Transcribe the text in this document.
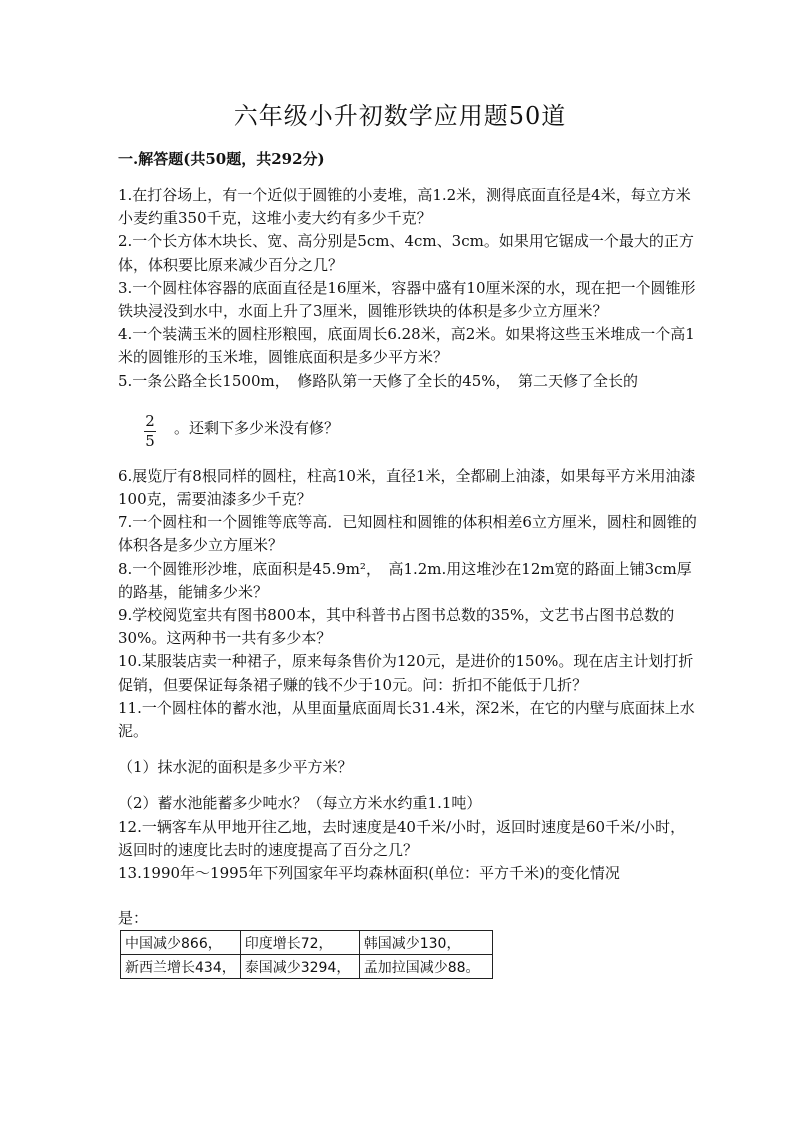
六年级小升初数学应用题50道
一.解答题(共50题，共292分)

1.在打谷场上，有一个近似于圆锥的小麦堆，高1.2米，测得底面直径是4米，每立方米小麦约重350千克，这堆小麦大约有多少千克？

2.一个长方体木块长、宽、高分别是5cm、4cm、3cm。如果用它锯成一个最大的正方体，体积要比原来减少百分之几？

3.一个圆柱体容器的底面直径是16厘米，容器中盛有10厘米深的水，现在把一个圆锥形铁块浸没到水中，水面上升了3厘米，圆锥形铁块的体积是多少立方厘米？

4.一个装满玉米的圆柱形粮囤，底面周长6.28米，高2米。如果将这些玉米堆成一个高1米的圆锥形的玉米堆，圆锥底面积是多少平方米？

5.一条公路全长1500m，　修路队第一天修了全长的45%，　第二天修了全长的

2
5
。还剩下多少米没有修？

6.展览厅有8根同样的圆柱，柱高10米，直径1米，全都刷上油漆，如果每平方米用油漆100克，需要油漆多少千克？

7.一个圆柱和一个圆锥等底等高．已知圆柱和圆锥的体积相差6立方厘米，圆柱和圆锥的体积各是多少立方厘米？

8.一个圆锥形沙堆，底面积是45.9m²，　高1.2m.用这堆沙在12m宽的路面上铺3cm厚的路基，能铺多少米？

9.学校阅览室共有图书800本，其中科普书占图书总数的35%，文艺书占图书总数的30%。这两种书一共有多少本？

10.某服装店卖一种裙子，原来每条售价为120元，是进价的150%。现在店主计划打折促销，但要保证每条裙子赚的钱不少于10元。问：折扣不能低于几折？

11.一个圆柱体的蓄水池，从里面量底面周长31.4米，深2米，在它的内壁与底面抹上水泥。

（1）抹水泥的面积是多少平方米？

（2）蓄水池能蓄多少吨水？（每立方米水约重1.1吨）

12.一辆客车从甲地开往乙地，去时速度是40千米/小时，返回时速度是60千米/小时，返回时的速度比去时的速度提高了百分之几？

13.1990年～1995年下列国家年平均森林面积(单位：平方千米)的变化情况

是：

中国减少866，	印度增长72，	韩国减少130，
新西兰增长434，	泰国减少3294，	孟加拉国减少88。
